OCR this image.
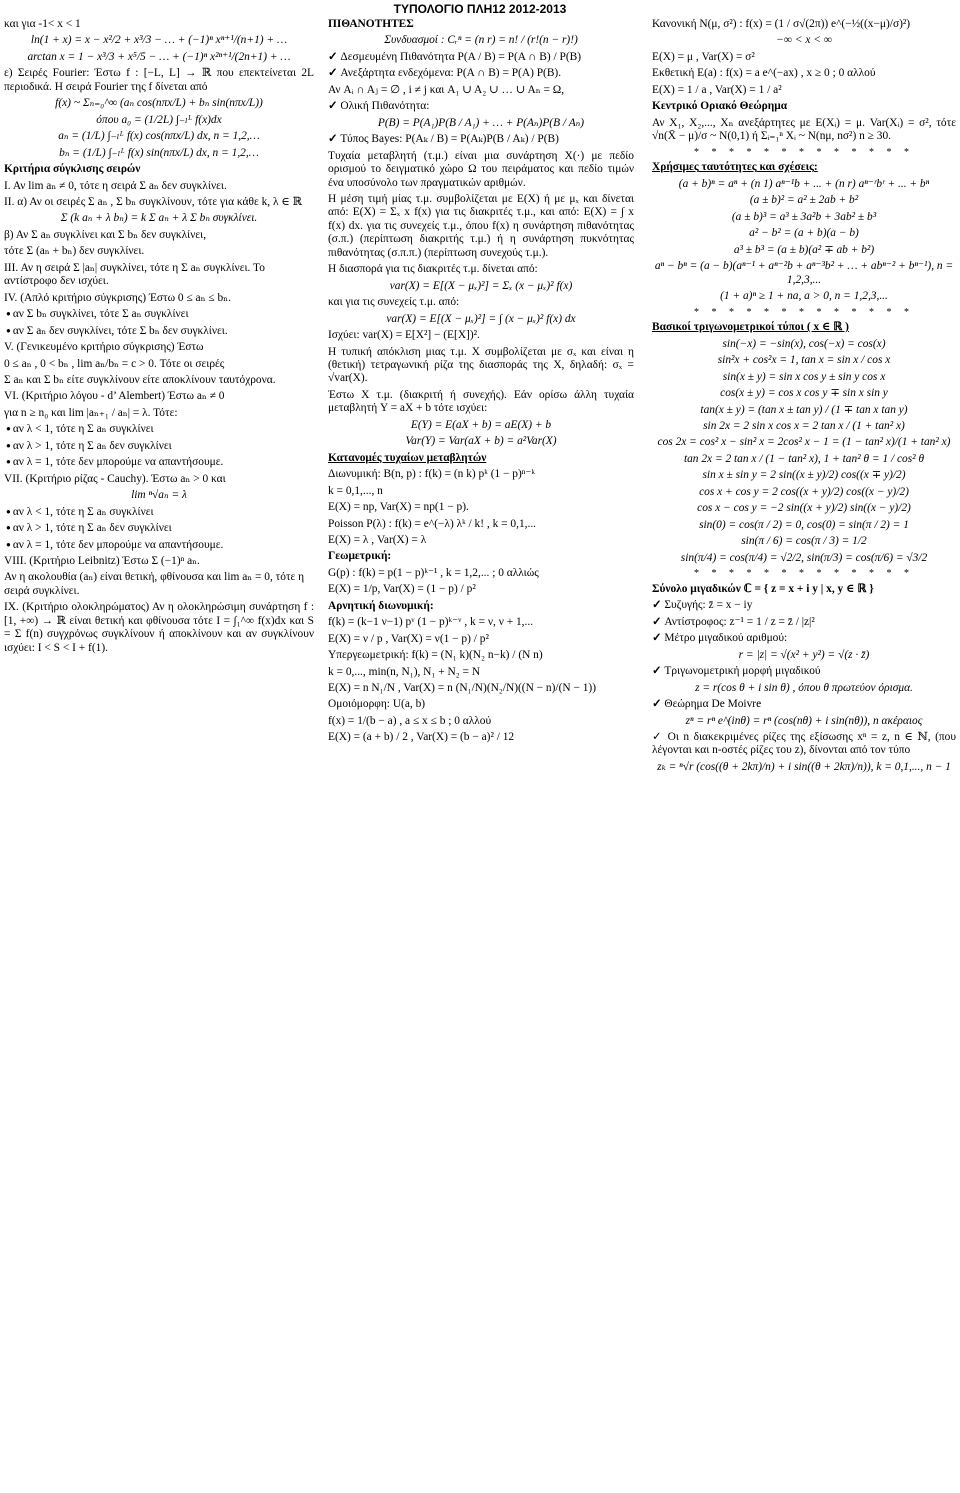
ΤΥΠΟΛΟΓΙΟ ΠΛΗ12 2012-2013
και για -1< x < 1
ln(1 + x) = x − x²/2 + x³/3 − … + (−1)ⁿ xⁿ⁺¹/(n+1) + …
arctan x = 1 − x³/3 + x⁵/5 − … + (−1)ⁿ x²ⁿ⁺¹/(2n+1) + …
ε) Σειρές Fourier: Έστω f : [−L, L] → ℝ που επεκτείνεται 2L περιοδικά. Η σειρά Fourier της f δίνεται από
f(x) ~ Σₙ₌₀^∞ (aₙ cos(nπx/L) + bₙ sin(nπx/L))
όπου a₀ = (1/2L) ∫₋ₗᴸ f(x)dx
aₙ = (1/L) ∫₋ₗᴸ f(x) cos(nπx/L) dx, n = 1,2,…
bₙ = (1/L) ∫₋ₗᴸ f(x) sin(nπx/L) dx, n = 1,2,…
Κριτήρια σύγκλισης σειρών
Ι. Αν lim aₙ ≠ 0, τότε η σειρά Σ aₙ δεν συγκλίνει.
ΙΙ. α) Αν οι σειρές Σ aₙ , Σ bₙ συγκλίνουν, τότε για κάθε k, λ ∈ ℝ
Σ (k aₙ + λ bₙ) = k Σ aₙ + λ Σ bₙ συγκλίνει.
β) Αν Σ aₙ συγκλίνει και Σ bₙ δεν συγκλίνει,
τότε Σ (aₙ + bₙ) δεν συγκλίνει.
ΙΙΙ. Αν η σειρά Σ |aₙ| συγκλίνει, τότε η Σ aₙ συγκλίνει. Το αντίστροφο δεν ισχύει.
ΙV. (Απλό κριτήριο σύγκρισης) Έστω 0 ≤ aₙ ≤ bₙ.
● αν Σ bₙ συγκλίνει, τότε Σ aₙ συγκλίνει
● αν Σ aₙ δεν συγκλίνει, τότε Σ bₙ δεν συγκλίνει.
V. (Γενικευμένο κριτήριο σύγκρισης) Έστω
0 ≤ aₙ , 0 < bₙ , lim aₙ/bₙ = c > 0. Τότε οι σειρές
Σ aₙ και Σ bₙ είτε συγκλίνουν είτε αποκλίνουν ταυτόχρονα.
VI. (Κριτήριο λόγου - d’ Alembert) Έστω aₙ ≠ 0
για n ≥ n₀ και lim |aₙ₊₁ / aₙ| = λ. Τότε:
● αν λ < 1, τότε η Σ aₙ συγκλίνει
● αν λ > 1, τότε η Σ aₙ δεν συγκλίνει
● αν λ = 1, τότε δεν μπορούμε να απαντήσουμε.
VII. (Κριτήριο ρίζας - Cauchy). Έστω aₙ > 0 και
lim ⁿ√aₙ = λ
● αν λ < 1, τότε η Σ aₙ συγκλίνει
● αν λ > 1, τότε η Σ aₙ δεν συγκλίνει
● αν λ = 1, τότε δεν μπορούμε να απαντήσουμε.
VIII. (Κριτήριο Leibnitz) Έστω Σ (−1)ⁿ aₙ.
Αν η ακολουθία (aₙ) είναι θετική, φθίνουσα και lim aₙ = 0, τότε η σειρά συγκλίνει.
ΙΧ. (Κριτήριο ολοκληρώματος) Αν η ολοκληρώσιμη συνάρτηση f : [1, +∞) → ℝ είναι θετική και φθίνουσα τότε I = ∫₁^∞ f(x)dx και S = Σ f(n) συγχρόνως συγκλίνουν ή αποκλίνουν και αν συγκλίνουν ισχύει: I < S < I + f(1).
ΠΙΘΑΝΟΤΗΤΕΣ
Συνδυασμοί : Cᵣⁿ = (n r) = n! / (r!(n − r)!)
✓ Δεσμευμένη Πιθανότητα P(A / B) = P(A ∩ B) / P(B)
✓ Ανεξάρτητα ενδεχόμενα: P(A ∩ B) = P(A) P(B).
Αν Aᵢ ∩ Aⱼ = ∅ , i ≠ j και A₁ ∪ A₂ ∪ … ∪ Aₙ = Ω,
✓ Ολική Πιθανότητα:
P(B) = P(A₁)P(B / A₁) + … + P(Aₙ)P(B / Aₙ)
✓ Τύπος Bayes: P(Aₖ / B) = P(Aₖ)P(B / Aₖ) / P(B)
Τυχαία μεταβλητή (τ.μ.) είναι μια συνάρτηση X(·) με πεδίο ορισμού το δειγματικό χώρο Ω του πειράματος και πεδίο τιμών ένα υποσύνολο των πραγματικών αριθμών.
Η μέση τιμή μίας τ.μ. συμβολίζεται με E(X) ή με μₓ και δίνεται από: E(X) = Σₓ x f(x) για τις διακριτές τ.μ., και από: E(X) = ∫ x f(x) dx. για τις συνεχείς τ.μ., όπου f(x) η συνάρτηση πιθανότητας (σ.π.) (περίπτωση διακριτής τ.μ.) ή η συνάρτηση πυκνότητας πιθανότητας (σ.π.π.) (περίπτωση συνεχούς τ.μ.).
Η διασπορά για τις διακριτές τ.μ. δίνεται από:
var(X) = E[(X − μₓ)²] = Σₓ (x − μₓ)² f(x)
και για τις συνεχείς τ.μ. από:
var(X) = E[(X − μₓ)²] = ∫ (x − μₓ)² f(x) dx
Ισχύει: var(X) = E[X²] − (E[X])².
Η τυπική απόκλιση μιας τ.μ. X συμβολίζεται με σₓ και είναι η (θετική) τετραγωνική ρίζα της διασποράς της X, δηλαδή: σₓ = √var(X).
Έστω X τ.μ. (διακριτή ή συνεχής). Εάν ορίσω άλλη τυχαία μεταβλητή Y = aX + b τότε ισχύει:
E(Y) = E(aX + b) = aE(X) + b
Var(Y) = Var(aX + b) = a²Var(X)
Κατανομές τυχαίων μεταβλητών
Διωνυμική: B(n, p) : f(k) = (n k) pᵏ (1 − p)ⁿ⁻ᵏ
k = 0,1,..., n
E(X) = np, Var(X) = np(1 − p).
Poisson P(λ) : f(k) = e^(−λ) λᵏ / k! , k = 0,1,...
E(X) = λ , Var(X) = λ
Γεωμετρική:
G(p) : f(k) = p(1 − p)ᵏ⁻¹ , k = 1,2,... ; 0 αλλιώς
E(X) = 1/p, Var(X) = (1 − p) / p²
Αρνητική διωνυμική:
f(k) = (k−1 ν−1) pᵛ (1 − p)ᵏ⁻ᵛ , k = ν, ν + 1,...
E(X) = ν / p , Var(X) = ν(1 − p) / p²
Υπεργεωμετρική: f(k) = (N₁ k)(N₂ n−k) / (N n)
k = 0,..., min(n, N₁), N₁ + N₂ = N
E(X) = n N₁/N , Var(X) = n (N₁/N)(N₂/N)((N − n)/(N − 1))
Ομοιόμορφη: U(a, b)
f(x) = 1/(b − a) , a ≤ x ≤ b ; 0 αλλού
E(X) = (a + b) / 2 , Var(X) = (b − a)² / 12
Κανονική N(μ, σ²) : f(x) = (1 / σ√(2π)) e^(−½((x−μ)/σ)²)
−∞ < x < ∞
E(X) = μ , Var(X) = σ²
Εκθετική E(a) : f(x) = a e^(−ax) , x ≥ 0 ; 0 αλλού
E(X) = 1 / a , Var(X) = 1 / a²
Κεντρικό Οριακό Θεώρημα
Αν X₁, X₂,..., Xₙ ανεξάρτητες με E(Xᵢ) = μ. Var(Xᵢ) = σ², τότε √n(X̄ − μ)/σ ~ N(0,1) ή Σᵢ₌₁ⁿ Xᵢ ~ N(nμ, nσ²) n ≥ 30.
* * * * * * * * * * * * *
Χρήσιμες ταυτότητες και σχέσεις:
(a + b)ⁿ = aⁿ + (n 1) aⁿ⁻¹b + ... + (n r) aⁿ⁻ʳbʳ + ... + bⁿ
(a ± b)² = a² ± 2ab + b²
(a ± b)³ = a³ ± 3a²b + 3ab² ± b³
a² − b² = (a + b)(a − b)
a³ ± b³ = (a ± b)(a² ∓ ab + b²)
aⁿ − bⁿ = (a − b)(aⁿ⁻¹ + aⁿ⁻²b + aⁿ⁻³b² + … + abⁿ⁻² + bⁿ⁻¹), n = 1,2,3,...
(1 + a)ⁿ ≥ 1 + na, a > 0, n = 1,2,3,...
* * * * * * * * * * * * *
Βασικοί τριγωνομετρικοί τύποι ( x ∈ ℝ )
sin(−x) = −sin(x), cos(−x) = cos(x)
sin²x + cos²x = 1, tan x = sin x / cos x
sin(x ± y) = sin x cos y ± sin y cos x
cos(x ± y) = cos x cos y ∓ sin x sin y
tan(x ± y) = (tan x ± tan y) / (1 ∓ tan x tan y)
sin 2x = 2 sin x cos x = 2 tan x / (1 + tan² x)
cos 2x = cos² x − sin² x = 2cos² x − 1 = (1 − tan² x)/(1 + tan² x)
tan 2x = 2 tan x / (1 − tan² x), 1 + tan² θ = 1 / cos² θ
sin x ± sin y = 2 sin((x ± y)/2) cos((x ∓ y)/2)
cos x + cos y = 2 cos((x + y)/2) cos((x − y)/2)
cos x − cos y = −2 sin((x + y)/2) sin((x − y)/2)
sin(0) = cos(π / 2) = 0, cos(0) = sin(π / 2) = 1
sin(π / 6) = cos(π / 3) = 1/2
sin(π/4) = cos(π/4) = √2/2, sin(π/3) = cos(π/6) = √3/2
* * * * * * * * * * * * *
Σύνολο μιγαδικών ℂ = { z = x + i y | x, y ∈ ℝ }
✓ Συζυγής: z̄ = x − iy
✓ Αντίστροφος: z⁻¹ = 1 / z = z̄ / |z|²
✓ Μέτρο μιγαδικού αριθμού:
r = |z| = √(x² + y²) = √(z · z̄)
✓ Τριγωνομετρική μορφή μιγαδικού
z = r(cos θ + i sin θ) , όπου θ πρωτεύον όρισμα.
✓ Θεώρημα De Moivre
zⁿ = rⁿ e^(inθ) = rⁿ (cos(nθ) + i sin(nθ)), n ακέραιος
✓ Οι n διακεκριμένες ρίζες της εξίσωσης xⁿ = z, n ∈ ℕ, (που λέγονται και n-οστές ρίζες του z), δίνονται από τον τύπο
zₖ = ⁿ√r (cos((θ + 2kπ)/n) + i sin((θ + 2kπ)/n)), k = 0,1,..., n − 1
